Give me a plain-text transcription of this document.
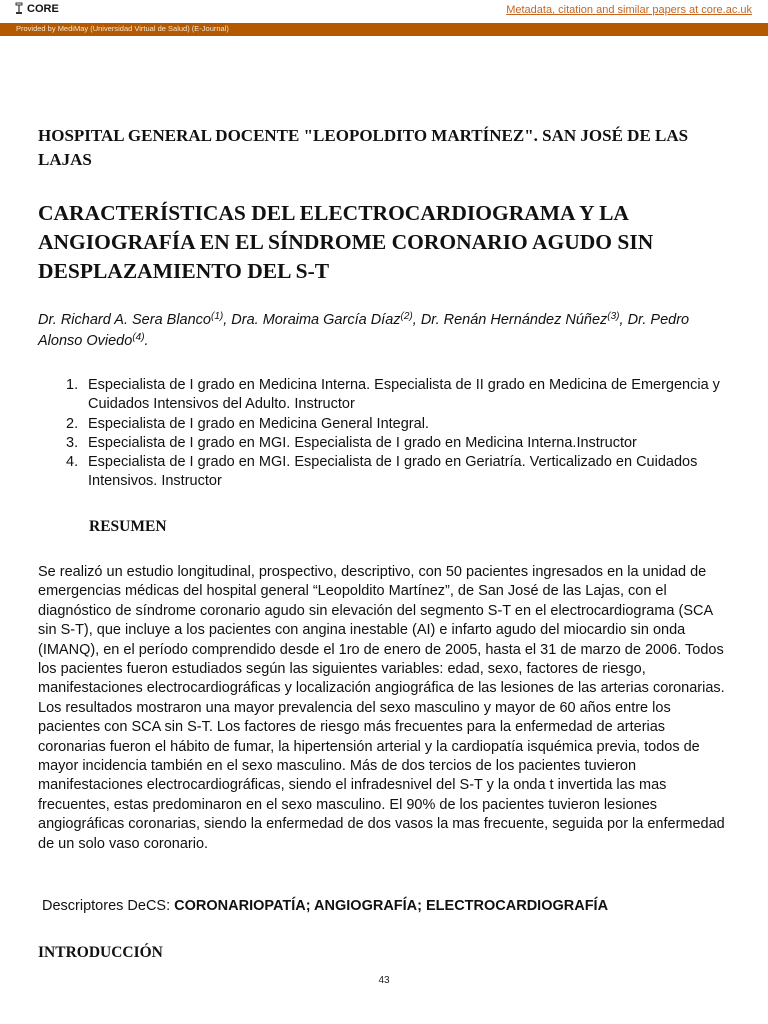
CORE	Metadata, citation and similar papers at core.ac.uk
Provided by MediMay (Universidad Virtual de Salud) (E-Journal)
HOSPITAL GENERAL DOCENTE "LEOPOLDITO MARTÍNEZ". SAN JOSÉ DE LAS LAJAS
CARACTERÍSTICAS DEL ELECTROCARDIOGRAMA Y LA ANGIOGRAFÍA EN EL SÍNDROME CORONARIO AGUDO SIN DESPLAZAMIENTO DEL S-T
Dr. Richard A. Sera Blanco$^{(1)}$, Dra. Moraima García Díaz$^{(2)}$, Dr. Renán Hernández Núñez$^{(3)}$, Dr. Pedro Alonso Oviedo$^{(4)}$.
1. Especialista de I grado en Medicina Interna. Especialista de II grado en Medicina de Emergencia y Cuidados Intensivos del Adulto. Instructor
2. Especialista de I grado en Medicina General Integral.
3. Especialista de I grado en MGI. Especialista de I grado en Medicina Interna.Instructor
4. Especialista de I grado en MGI. Especialista de I grado en Geriatría. Verticalizado en Cuidados Intensivos. Instructor
RESUMEN

Se realizó un estudio longitudinal, prospectivo, descriptivo, con 50 pacientes ingresados en la unidad de emergencias médicas del hospital general “Leopoldito Martínez”, de San José de las Lajas, con el diagnóstico de síndrome coronario agudo sin elevación del segmento S-T en el electrocardiograma (SCA sin S-T), que incluye a los pacientes con angina inestable (AI) e infarto agudo del miocardio sin onda (IMANQ), en el período comprendido desde el 1ro de enero de 2005, hasta el 31 de marzo de 2006. Todos los pacientes fueron estudiados según las siguientes variables: edad, sexo, factores de riesgo, manifestaciones electrocardiográficas y localización angiográfica de las lesiones de las arterias coronarias. Los resultados mostraron una mayor prevalencia del sexo masculino y mayor de 60 años entre los pacientes con SCA sin S-T. Los factores de riesgo más frecuentes para la enfermedad de arterias coronarias fueron el hábito de fumar, la hipertensión arterial y la cardiopatía isquémica previa, todos de mayor incidencia también en el sexo masculino. Más de dos tercios de los pacientes tuvieron manifestaciones electrocardiográficas, siendo el infradesnivel del S-T y la onda t invertida las mas frecuentes, estas predominaron en el sexo masculino. El 90% de los pacientes tuvieron lesiones angiográficas coronarias, siendo la enfermedad de dos vasos la mas frecuente, seguida por la enfermedad de un solo vaso coronario.

Descriptores DeCS: CORONARIOPATÍA; ANGIOGRAFÍA; ELECTROCARDIOGRAFÍA
INTRODUCCIÓN
43
